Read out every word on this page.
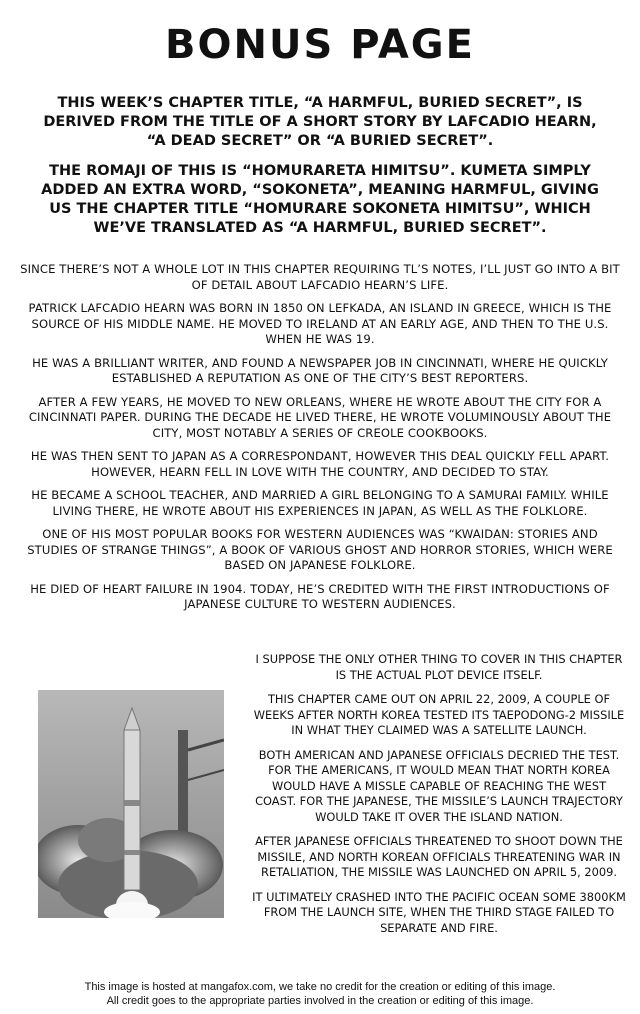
BONUS PAGE

THIS WEEK’S CHAPTER TITLE, “A HARMFUL, BURIED SECRET”, IS DERIVED FROM THE TITLE OF A SHORT STORY BY LAFCADIO HEARN, “A DEAD SECRET” OR “A BURIED SECRET”.

THE ROMAJI OF THIS IS “HOMURARETA HIMITSU”. KUMETA SIMPLY ADDED AN EXTRA WORD, “SOKONETA”, MEANING HARMFUL, GIVING US THE CHAPTER TITLE “HOMURARE SOKONETA HIMITSU”, WHICH WE’VE TRANSLATED AS “A HARMFUL, BURIED SECRET”.

SINCE THERE’S NOT A WHOLE LOT IN THIS CHAPTER REQUIRING TL’S NOTES, I’LL JUST GO INTO A BIT OF DETAIL ABOUT LAFCADIO HEARN’S LIFE.

PATRICK LAFCADIO HEARN WAS BORN IN 1850 ON LEFKADA, AN ISLAND IN GREECE, WHICH IS THE SOURCE OF HIS MIDDLE NAME. HE MOVED TO IRELAND AT AN EARLY AGE, AND THEN TO THE U.S. WHEN HE WAS 19.

HE WAS A BRILLIANT WRITER, AND FOUND A NEWSPAPER JOB IN CINCINNATI, WHERE HE QUICKLY ESTABLISHED A REPUTATION AS ONE OF THE CITY’S BEST REPORTERS.

AFTER A FEW YEARS, HE MOVED TO NEW ORLEANS, WHERE HE WROTE ABOUT THE CITY FOR A CINCINNATI PAPER. DURING THE DECADE HE LIVED THERE, HE WROTE VOLUMINOUSLY ABOUT THE CITY, MOST NOTABLY A SERIES OF CREOLE COOKBOOKS.

HE WAS THEN SENT TO JAPAN AS A CORRESPONDANT, HOWEVER THIS DEAL QUICKLY FELL APART. HOWEVER, HEARN FELL IN LOVE WITH THE COUNTRY, AND DECIDED TO STAY.

HE BECAME A SCHOOL TEACHER, AND MARRIED A GIRL BELONGING TO A SAMURAI FAMILY. WHILE LIVING THERE, HE WROTE ABOUT HIS EXPERIENCES IN JAPAN, AS WELL AS THE FOLKLORE.

ONE OF HIS MOST POPULAR BOOKS FOR WESTERN AUDIENCES WAS “KWAIDAN: STORIES AND STUDIES OF STRANGE THINGS”, A BOOK OF VARIOUS GHOST AND HORROR STORIES, WHICH WERE BASED ON JAPANESE FOLKLORE.

HE DIED OF HEART FAILURE IN 1904. TODAY, HE’S CREDITED WITH THE FIRST INTRODUCTIONS OF JAPANESE CULTURE TO WESTERN AUDIENCES.

I SUPPOSE THE ONLY OTHER THING TO COVER IN THIS CHAPTER IS THE ACTUAL PLOT DEVICE ITSELF.

THIS CHAPTER CAME OUT ON APRIL 22, 2009, A COUPLE OF WEEKS AFTER NORTH KOREA TESTED ITS TAEPODONG-2 MISSILE IN WHAT THEY CLAIMED WAS A SATELLITE LAUNCH.

BOTH AMERICAN AND JAPANESE OFFICIALS DECRIED THE TEST. FOR THE AMERICANS, IT WOULD MEAN THAT NORTH KOREA WOULD HAVE A MISSLE CAPABLE OF REACHING THE WEST COAST. FOR THE JAPANESE, THE MISSILE’S LAUNCH TRAJECTORY WOULD TAKE IT OVER THE ISLAND NATION.

AFTER JAPANESE OFFICIALS THREATENED TO SHOOT DOWN THE MISSILE, AND NORTH KOREAN OFFICIALS THREATENING WAR IN RETALIATION, THE MISSILE WAS LAUNCHED ON APRIL 5, 2009.

IT ULTIMATELY CRASHED INTO THE PACIFIC OCEAN SOME 3800KM FROM THE LAUNCH SITE, WHEN THE THIRD STAGE FAILED TO SEPARATE AND FIRE.

This image is hosted at mangafox.com, we take no credit for the creation or editing of this image.
All credit goes to the appropriate parties involved in the creation or editing of this image.
